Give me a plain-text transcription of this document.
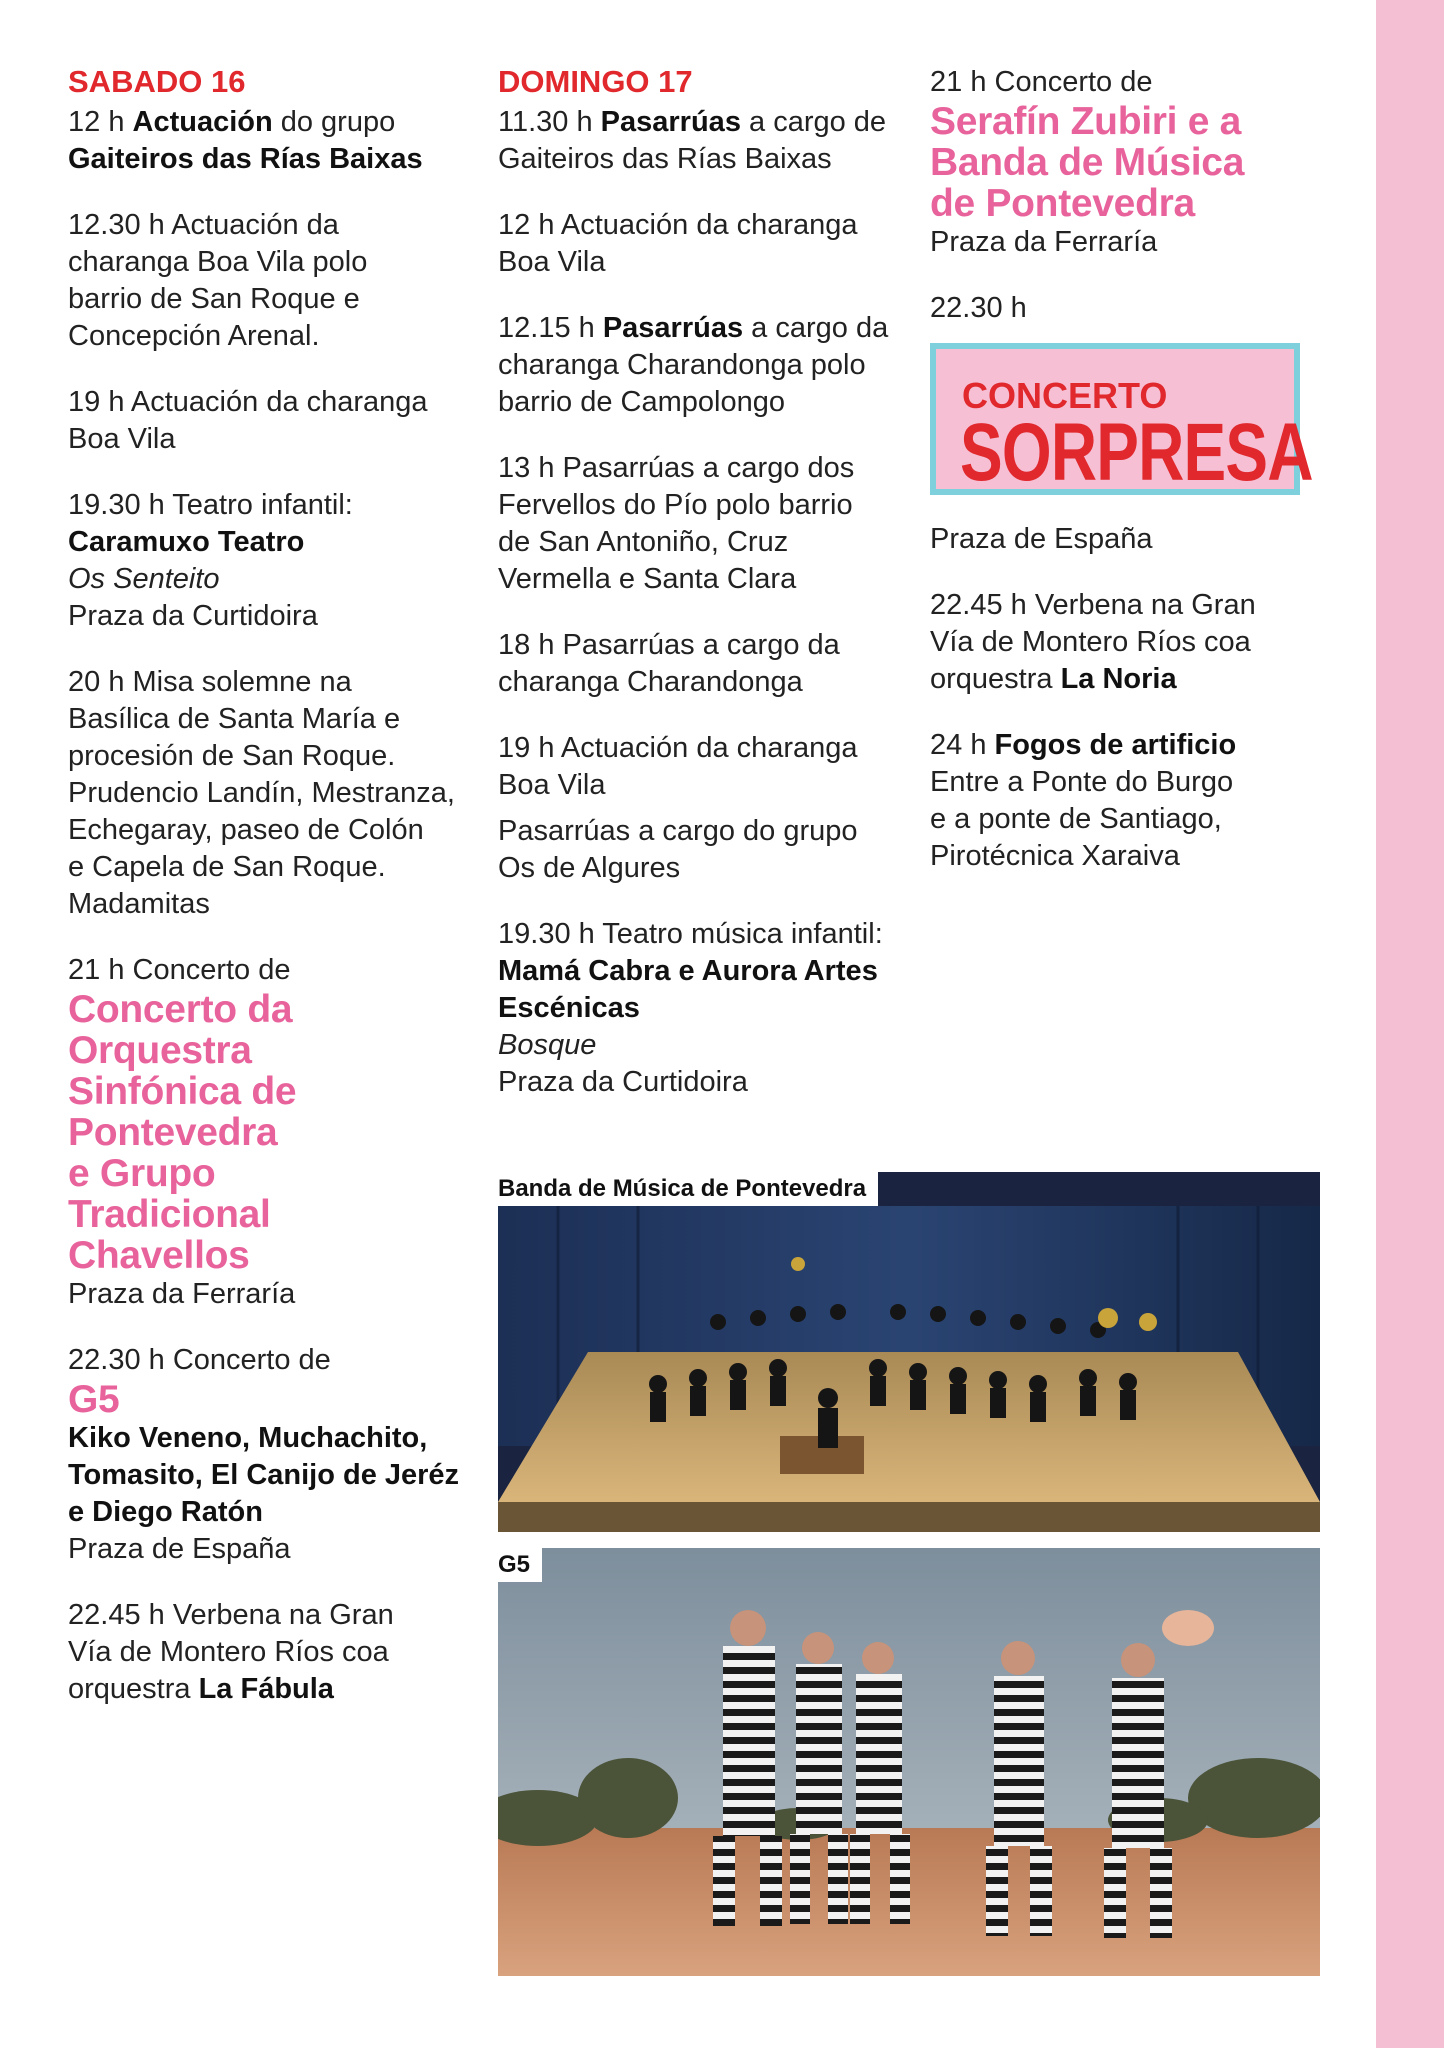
SABADO 16
12 h Actuación do grupo
Gaiteiros das Rías Baixas
12.30 h Actuación da
charanga Boa Vila polo
barrio de San Roque e
Concepción Arenal.
19 h Actuación da charanga
Boa Vila
19.30 h Teatro infantil:
Caramuxo Teatro
Os Senteito
Praza da Curtidoira
20 h Misa solemne na
Basílica de Santa María e
procesión de San Roque.
Prudencio Landín, Mestranza,
Echegaray, paseo de Colón
e Capela de San Roque.
Madamitas
21 h Concerto de
Concerto da
Orquestra
Sinfónica de
Pontevedra
e Grupo
Tradicional
Chavellos
Praza da Ferraría
22.30 h Concerto de
G5
Kiko Veneno, Muchachito,
Tomasito, El Canijo de Jeréz
e Diego Ratón
Praza de España
22.45 h Verbena na Gran
Vía de Montero Ríos coa
orquestra La Fábula
DOMINGO 17
11.30 h Pasarrúas a cargo de
Gaiteiros das Rías Baixas
12 h Actuación da charanga
Boa Vila
12.15 h Pasarrúas a cargo da
charanga Charandonga polo
barrio de Campolongo
13 h Pasarrúas a cargo dos
Fervellos do Pío polo barrio
de San Antoniño, Cruz
Vermella e Santa Clara
18 h Pasarrúas a cargo da
charanga Charandonga
19 h Actuación da charanga
Boa Vila
Pasarrúas a cargo do grupo
Os de Algures
19.30 h Teatro música infantil:
Mamá Cabra e Aurora Artes
Escénicas
Bosque
Praza da Curtidoira
21 h Concerto de
Serafín Zubiri e a
Banda de Música
de Pontevedra
Praza da Ferraría
22.30 h
CONCERTO
SORPRESA
Praza de España
22.45 h Verbena na Gran
Vía de Montero Ríos coa
orquestra La Noria
24 h Fogos de artificio
Entre a Ponte do Burgo
e a ponte de Santiago,
Pirotécnica Xaraiva
Banda de Música de Pontevedra
G5
